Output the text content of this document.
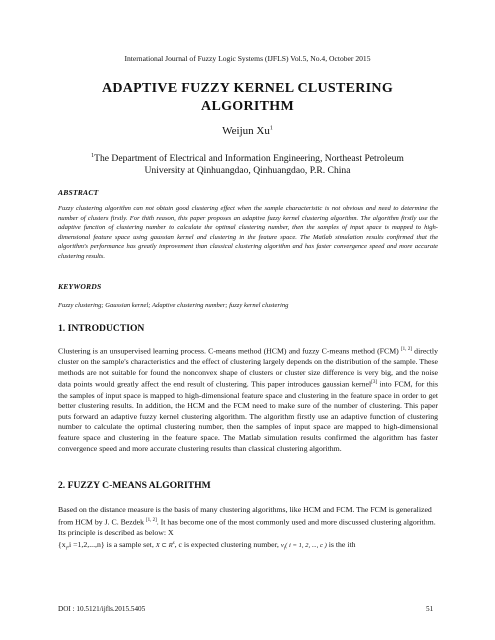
International Journal of Fuzzy Logic Systems (IJFLS) Vol.5, No.4, October 2015
ADAPTIVE FUZZY KERNEL CLUSTERING
ALGORITHM
Weijun Xu$^1$
$^1$The Department of Electrical and Information Engineering, Northeast Petroleum University at Qinhuangdao, Qinhuangdao, P.R. China
ABSTRACT
Fuzzy clustering algorithm can not obtain good clustering effect when the sample characteristic is not obvious and need to determine the number of clusters firstly. For thith reason, this paper proposes an adaptive fuzzy kernel clustering algorithm. The algorithm firstly use the adaptive function of clustering number to calculate the optimal clustering number, then the samples of input space is mapped to high-dimensional feature space using gaussian kernel and clustering in the feature space. The Matlab simulation results confirmed that the algorithm's performance has greatly improvement than classical clustering algorithm and has faster convergence speed and more accurate clustering results.
KEYWORDS
Fuzzy clustering; Gaussian kernel; Adaptive clustering number; fuzzy kernel clustering
1. INTRODUCTION
Clustering is an unsupervised learning process. C-means method (HCM) and fuzzy C-means method (FCM) [1, 2] directly cluster on the sample's characteristics and the effect of clustering largely depends on the distribution of the sample. These methods are not suitable for found the nonconvex shape of clusters or cluster size difference is very big, and the noise data points would greatly affect the end result of clustering. This paper introduces gaussian kernel[3] into FCM, for this the samples of input space is mapped to high-dimensional feature space and clustering in the feature space in order to get better clustering results. In addition, the HCM and the FCM need to make sure of the number of clustering. This paper puts forward an adaptive fuzzy kernel clustering algorithm. The algorithm firstly use an adaptive function of clustering number to calculate the optimal clustering number, then the samples of input space are mapped to high-dimensional feature space and clustering in the feature space. The Matlab simulation results confirmed the algorithm has faster convergence speed and more accurate clustering results than classical clustering algorithm.
2. FUZZY C-MEANS ALGORITHM
Based on the distance measure is the basis of many clustering algorithms, like HCM and FCM. The FCM is generalized from HCM by J. C. Bezdek [1, 2]. It has become one of the most commonly used and more discussed clustering algorithm. Its principle is described as below: X
$\{x_i,i =1,2,...,n\}$ is a sample set, X ⊂ $R^s$, c is expected clustering number, $v_i$( i = 1, 2, ..., c ) is the ith
DOI : 10.5121/ijfls.2015.5405	51
